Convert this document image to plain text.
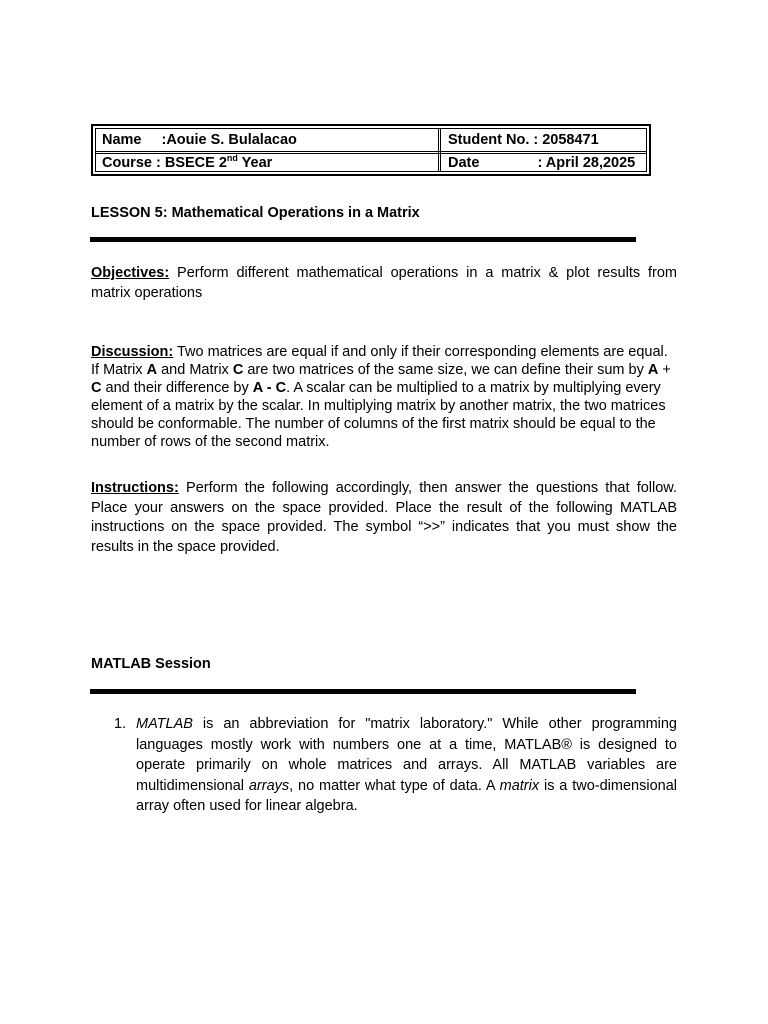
Name :Aouie S. Bulalacao	Student No. : 2058471
Course : BSECE 2nd Year	Date	: April 28,2025
LESSON 5: Mathematical Operations in a Matrix
Objectives: Perform different mathematical operations in a matrix & plot results from matrix operations
Discussion: Two matrices are equal if and only if their corresponding elements are equal. If Matrix A and Matrix C are two matrices of the same size, we can define their sum by A + C and their difference by A - C. A scalar can be multiplied to a matrix by multiplying every element of a matrix by the scalar. In multiplying matrix by another matrix, the two matrices should be conformable. The number of columns of the first matrix should be equal to the number of rows of the second matrix.
Instructions: Perform the following accordingly, then answer the questions that follow. Place your answers on the space provided. Place the result of the following MATLAB instructions on the space provided. The symbol “>>” indicates that you must show the results in the space provided.
MATLAB Session
1. MATLAB is an abbreviation for "matrix laboratory." While other programming languages mostly work with numbers one at a time, MATLAB® is designed to operate primarily on whole matrices and arrays. All MATLAB variables are multidimensional arrays, no matter what type of data. A matrix is a two-dimensional array often used for linear algebra.
